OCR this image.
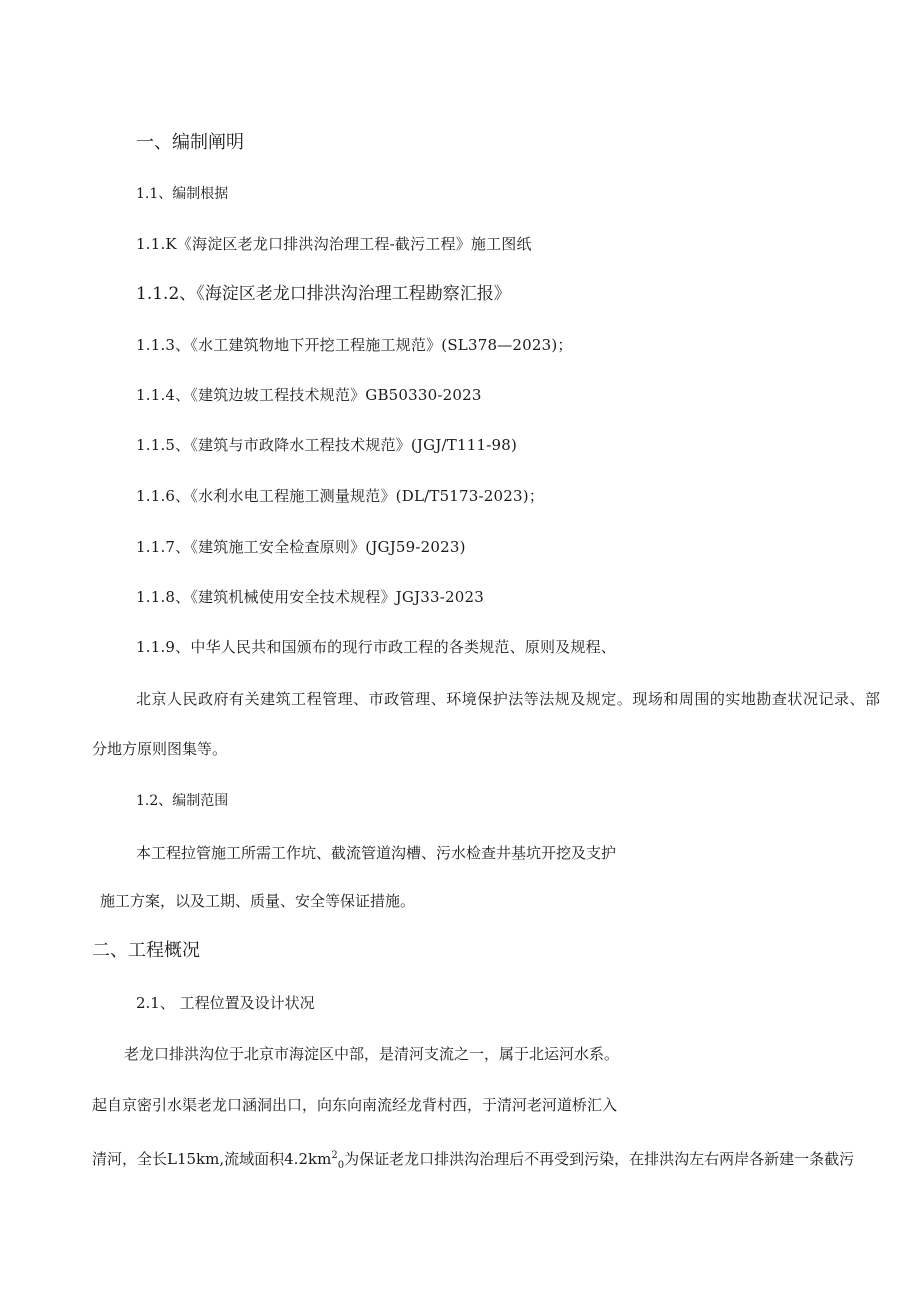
一、编制阐明
1.1、编制根据
1.1.K《海淀区老龙口排洪沟治理工程-截污工程》施工图纸
1.1.2、《海淀区老龙口排洪沟治理工程勘察汇报》
1.1.3、《水工建筑物地下开挖工程施工规范》(SL378—2023)；
1.1.4、《建筑边坡工程技术规范》GB50330-2023
1.1.5、《建筑与市政降水工程技术规范》(JGJ/T111-98)
1.1.6、《水利水电工程施工测量规范》(DL/T5173-2023)；
1.1.7、《建筑施工安全检查原则》(JGJ59-2023)
1.1.8、《建筑机械使用安全技术规程》JGJ33-2023
1.1.9、中华人民共和国颁布的现行市政工程的各类规范、原则及规程、
北京人民政府有关建筑工程管理、市政管理、环境保护法等法规及规定。现场和周围的实地勘查状况记录、部
分地方原则图集等。
1.2、编制范围
本工程拉管施工所需工作坑、截流管道沟槽、污水检查井基坑开挖及支护
施工方案，以及工期、质量、安全等保证措施。
二、工程概况
2.1、 工程位置及设计状况
老龙口排洪沟位于北京市海淀区中部，是清河支流之一，属于北运河水系。
起自京密引水渠老龙口涵洞出口，向东向南流经龙背村西，于清河老河道桥汇入
清河，全长L15km,流域面积$4.2km^2_0$为保证老龙口排洪沟治理后不再受到污染，在排洪沟左右两岸各新建一条截污
